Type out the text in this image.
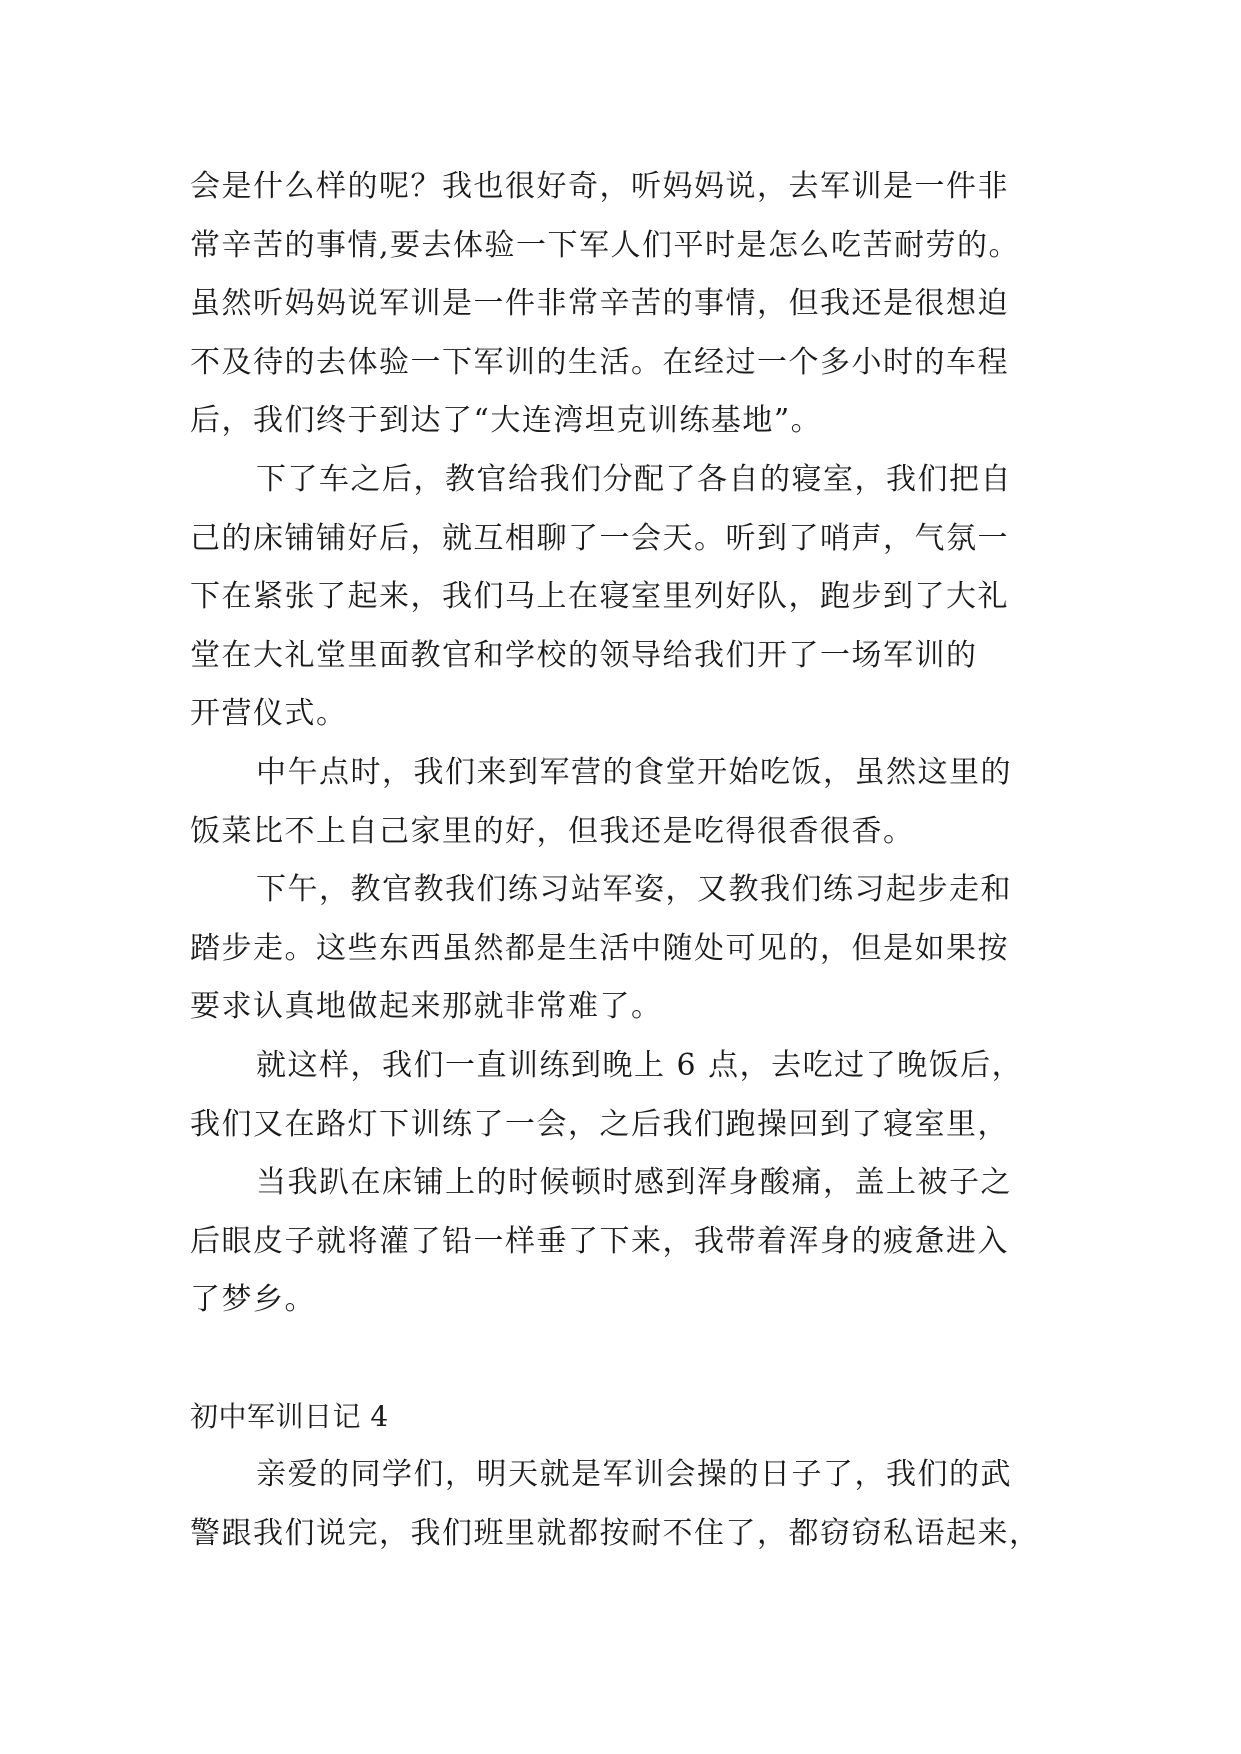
会是什么样的呢？我也很好奇，听妈妈说，去军训是一件非
常辛苦的事情,要去体验一下军人们平时是怎么吃苦耐劳的。
虽然听妈妈说军训是一件非常辛苦的事情，但我还是很想迫
不及待的去体验一下军训的生活。在经过一个多小时的车程
后，我们终于到达了“大连湾坦克训练基地”。
下了车之后，教官给我们分配了各自的寝室，我们把自
己的床铺铺好后，就互相聊了一会天。听到了哨声，气氛一
下在紧张了起来，我们马上在寝室里列好队，跑步到了大礼
堂在大礼堂里面教官和学校的领导给我们开了一场军训的
开营仪式。
中午点时，我们来到军营的食堂开始吃饭，虽然这里的
饭菜比不上自己家里的好，但我还是吃得很香很香。
下午，教官教我们练习站军姿，又教我们练习起步走和
踏步走。这些东西虽然都是生活中随处可见的，但是如果按
要求认真地做起来那就非常难了。
就这样，我们一直训练到晚上 6 点，去吃过了晚饭后，
我们又在路灯下训练了一会，之后我们跑操回到了寝室里，
当我趴在床铺上的时候顿时感到浑身酸痛，盖上被子之
后眼皮子就将灌了铅一样垂了下来，我带着浑身的疲惫进入
了梦乡。
初中军训日记 4
亲爱的同学们，明天就是军训会操的日子了，我们的武
警跟我们说完，我们班里就都按耐不住了，都窃窃私语起来，
